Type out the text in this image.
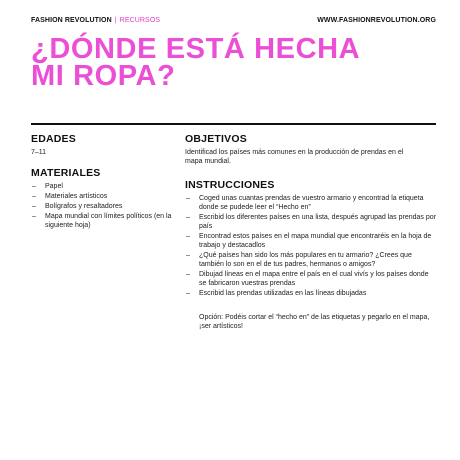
FASHION REVOLUTION | RECURSOS	WWW.FASHIONREVOLUTION.ORG
¿DÓNDE ESTÁ HECHA
MI ROPA?
EDADES
7–11
MATERIALES
– Papel
– Materiales artísticos
– Bolígrafos y resaltadores
– Mapa mundial con límites políticos (en la siguiente hoja)
OBJETIVOS
Identificad los países más comunes en la producción de prendas en el mapa mundial.
INSTRUCCIONES
– Coged unas cuantas prendas de vuestro armario y encontrad la etiqueta donde se pudede leer el “Hecho en”
– Escribid los diferentes países en una lista, después agrupad las prendas por país
– Encontrad estos países en el mapa mundial que encontraréis en la hoja de trabajo y destacadlos
– ¿Qué países han sido los más populares en tu armario? ¿Crees que también lo son en el de tus padres, hermanos o amigos?
– Dibujad líneas en el mapa entre el país en el cual vivís y los países donde se fabricaron vuestras prendas
– Escribid las prendas utilizadas en las líneas dibujadas
Opción: Podéis cortar el “hecho en” de las etiquetas y pegarlo en el mapa, ¡ser artísticos!
